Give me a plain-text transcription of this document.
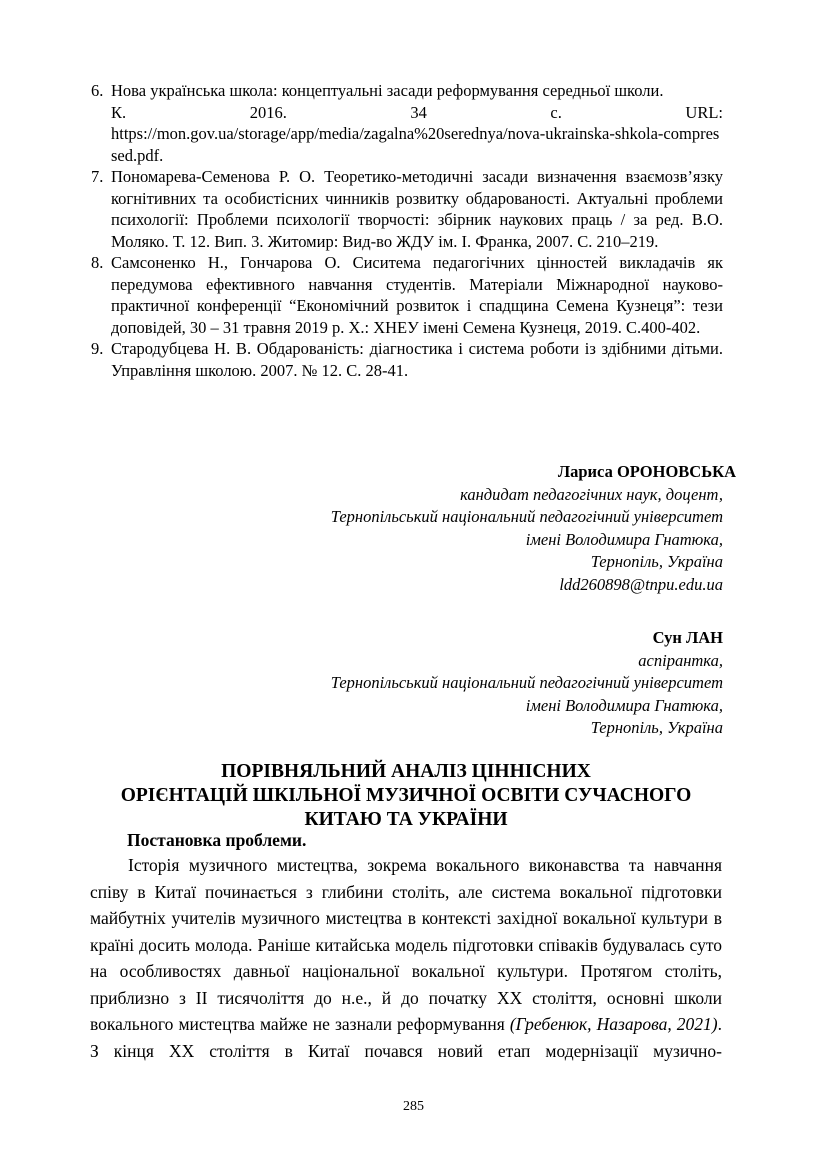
6. Нова українська школа: концептуальні засади реформування середньої школи.
К.	2016.	34	с.	URL:
https://mon.gov.ua/storage/app/media/zagalna%20serednya/nova-ukrainska-shkola-compressed.pdf.
7. Пономарева-Семенова Р. О. Теоретико-методичні засади визначення взаємозв’язку когнітивних та особистісних чинників розвитку обдарованості. Актуальні проблеми психології: Проблеми психології творчості: збірник наукових праць / за ред. В.О. Моляко. Т. 12. Вип. 3. Житомир: Вид-во ЖДУ ім. І. Франка, 2007. С. 210–219.
8. Самсоненко Н., Гончарова О. Сиситема педагогічних цінностей викладачів як передумова ефективного навчання студентів. Матеріали Міжнародної науково-практичної конференції “Економічний розвиток і спадщина Семена Кузнеця”: тези доповідей, 30 – 31 травня 2019 р. Х.: ХНЕУ імені Семена Кузнеця, 2019. С.400-402.
9. Стародубцева Н. В. Обдарованість: діагностика і система роботи із здібними дітьми. Управління школою. 2007. № 12. С. 28-41.
Лариса ОРОНОВСЬКА
кандидат педагогічних наук, доцент,
Тернопільський національний педагогічний університет
імені Володимира Гнатюка,
Тернопіль, Україна
ldd260898@tnpu.edu.ua
Сун ЛАН
аспірантка,
Тернопільський національний педагогічний університет
імені Володимира Гнатюка,
Тернопіль, Україна
ПОРІВНЯЛЬНИЙ АНАЛІЗ ЦІННІСНИХ
ОРІЄНТАЦІЙ ШКІЛЬНОЇ МУЗИЧНОЇ ОСВІТИ СУЧАСНОГО
КИТАЮ ТА УКРАЇНИ
Постановка проблеми.
Історія музичного мистецтва, зокрема вокального виконавства та навчання співу в Китаї починається з глибини століть, але система вокальної підготовки майбутніх учителів музичного мистецтва в контексті західної вокальної культури в країні досить молода. Раніше китайська модель підготовки співаків будувалась суто на особливостях давньої національної вокальної культури. Протягом століть, приблизно з II тисячоліття до н.е., й до початку ХХ століття, основні школи вокального мистецтва майже не зазнали реформування (Гребенюк, Назарова, 2021). З кінця ХХ століття в Китаї почався новий етап модернізації музично-
285
